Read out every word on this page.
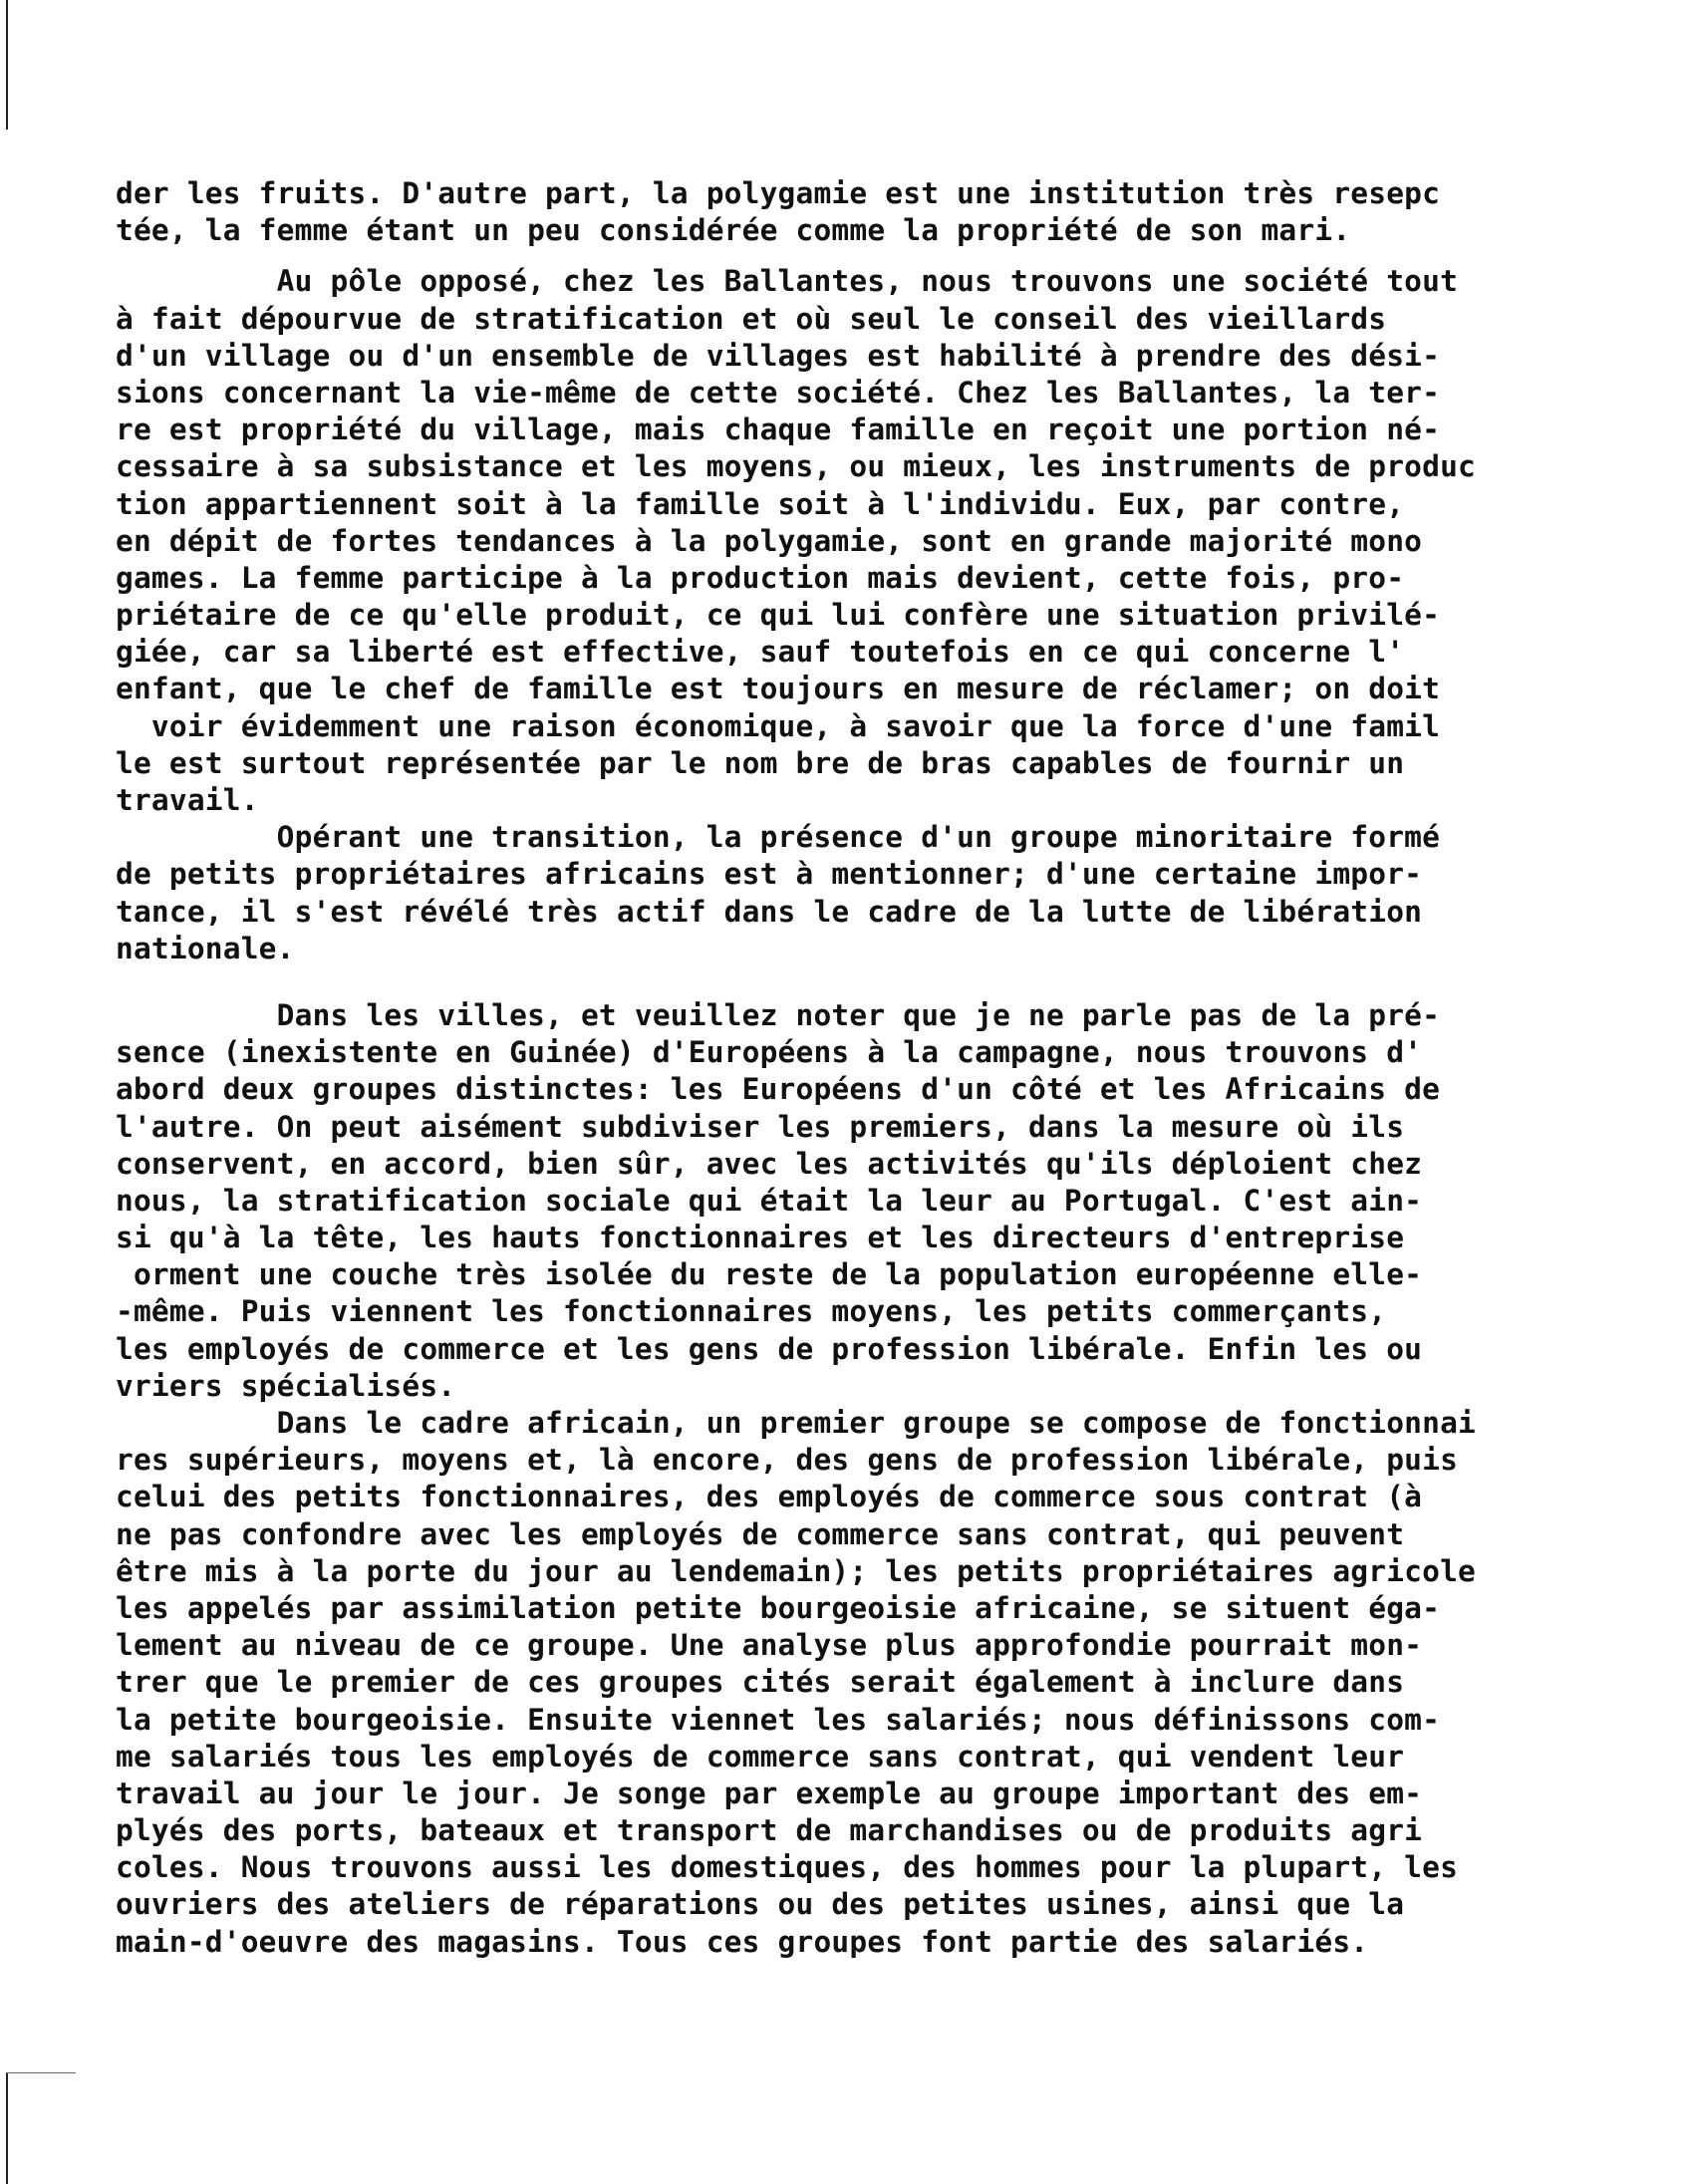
der les fruits. D'autre part, la polygamie est une institution très resepc
tée, la femme étant un peu considérée comme la propriété de son mari.
Au pôle opposé, chez les Ballantes, nous trouvons une société tout
à fait dépourvue de stratification et où seul le conseil des vieillards
d'un village ou d'un ensemble de villages est habilité à prendre des dési-
sions concernant la vie-même de cette société. Chez les Ballantes, la ter-
re est propriété du village, mais chaque famille en reçoit une portion né-
cessaire à sa subsistance et les moyens, ou mieux, les instruments de produc
tion appartiennent soit à la famille soit à l'individu. Eux, par contre,
en dépit de fortes tendances à la polygamie, sont en grande majorité mono
games. La femme participe à la production mais devient, cette fois, pro-
priétaire de ce qu'elle produit, ce qui lui confère une situation privilé-
giée, car sa liberté est effective, sauf toutefois en ce qui concerne l'
enfant, que le chef de famille est toujours en mesure de réclamer; on doit
voir évidemment une raison économique, à savoir que la force d'une famil
le est surtout représentée par le nom bre de bras capables de fournir un
travail.
Opérant une transition, la présence d'un groupe minoritaire formé
de petits propriétaires africains est à mentionner; d'une certaine impor-
tance, il s'est révélé très actif dans le cadre de la lutte de libération
nationale.
Dans les villes, et veuillez noter que je ne parle pas de la pré-
sence (inexistente en Guinée) d'Européens à la campagne, nous trouvons d'
abord deux groupes distinctes: les Européens d'un côté et les Africains de
l'autre. On peut aisément subdiviser les premiers, dans la mesure où ils
conservent, en accord, bien sûr, avec les activités qu'ils déploient chez
nous, la stratification sociale qui était la leur au Portugal. C'est ain-
si qu'à la tête, les hauts fonctionnaires et les directeurs d'entreprise
orment une couche très isolée du reste de la population européenne elle-
-même. Puis viennent les fonctionnaires moyens, les petits commerçants,
les employés de commerce et les gens de profession libérale. Enfin les ou
vriers spécialisés.
Dans le cadre africain, un premier groupe se compose de fonctionnai
res supérieurs, moyens et, là encore, des gens de profession libérale, puis
celui des petits fonctionnaires, des employés de commerce sous contrat (à
ne pas confondre avec les employés de commerce sans contrat, qui peuvent
être mis à la porte du jour au lendemain); les petits propriétaires agricole
les appelés par assimilation petite bourgeoisie africaine, se situent éga-
lement au niveau de ce groupe. Une analyse plus approfondie pourrait mon-
trer que le premier de ces groupes cités serait également à inclure dans
la petite bourgeoisie. Ensuite viennet les salariés; nous définissons com-
me salariés tous les employés de commerce sans contrat, qui vendent leur
travail au jour le jour. Je songe par exemple au groupe important des em-
plyés des ports, bateaux et transport de marchandises ou de produits agri
coles. Nous trouvons aussi les domestiques, des hommes pour la plupart, les
ouvriers des ateliers de réparations ou des petites usines, ainsi que la
main-d'oeuvre des magasins. Tous ces groupes font partie des salariés.
